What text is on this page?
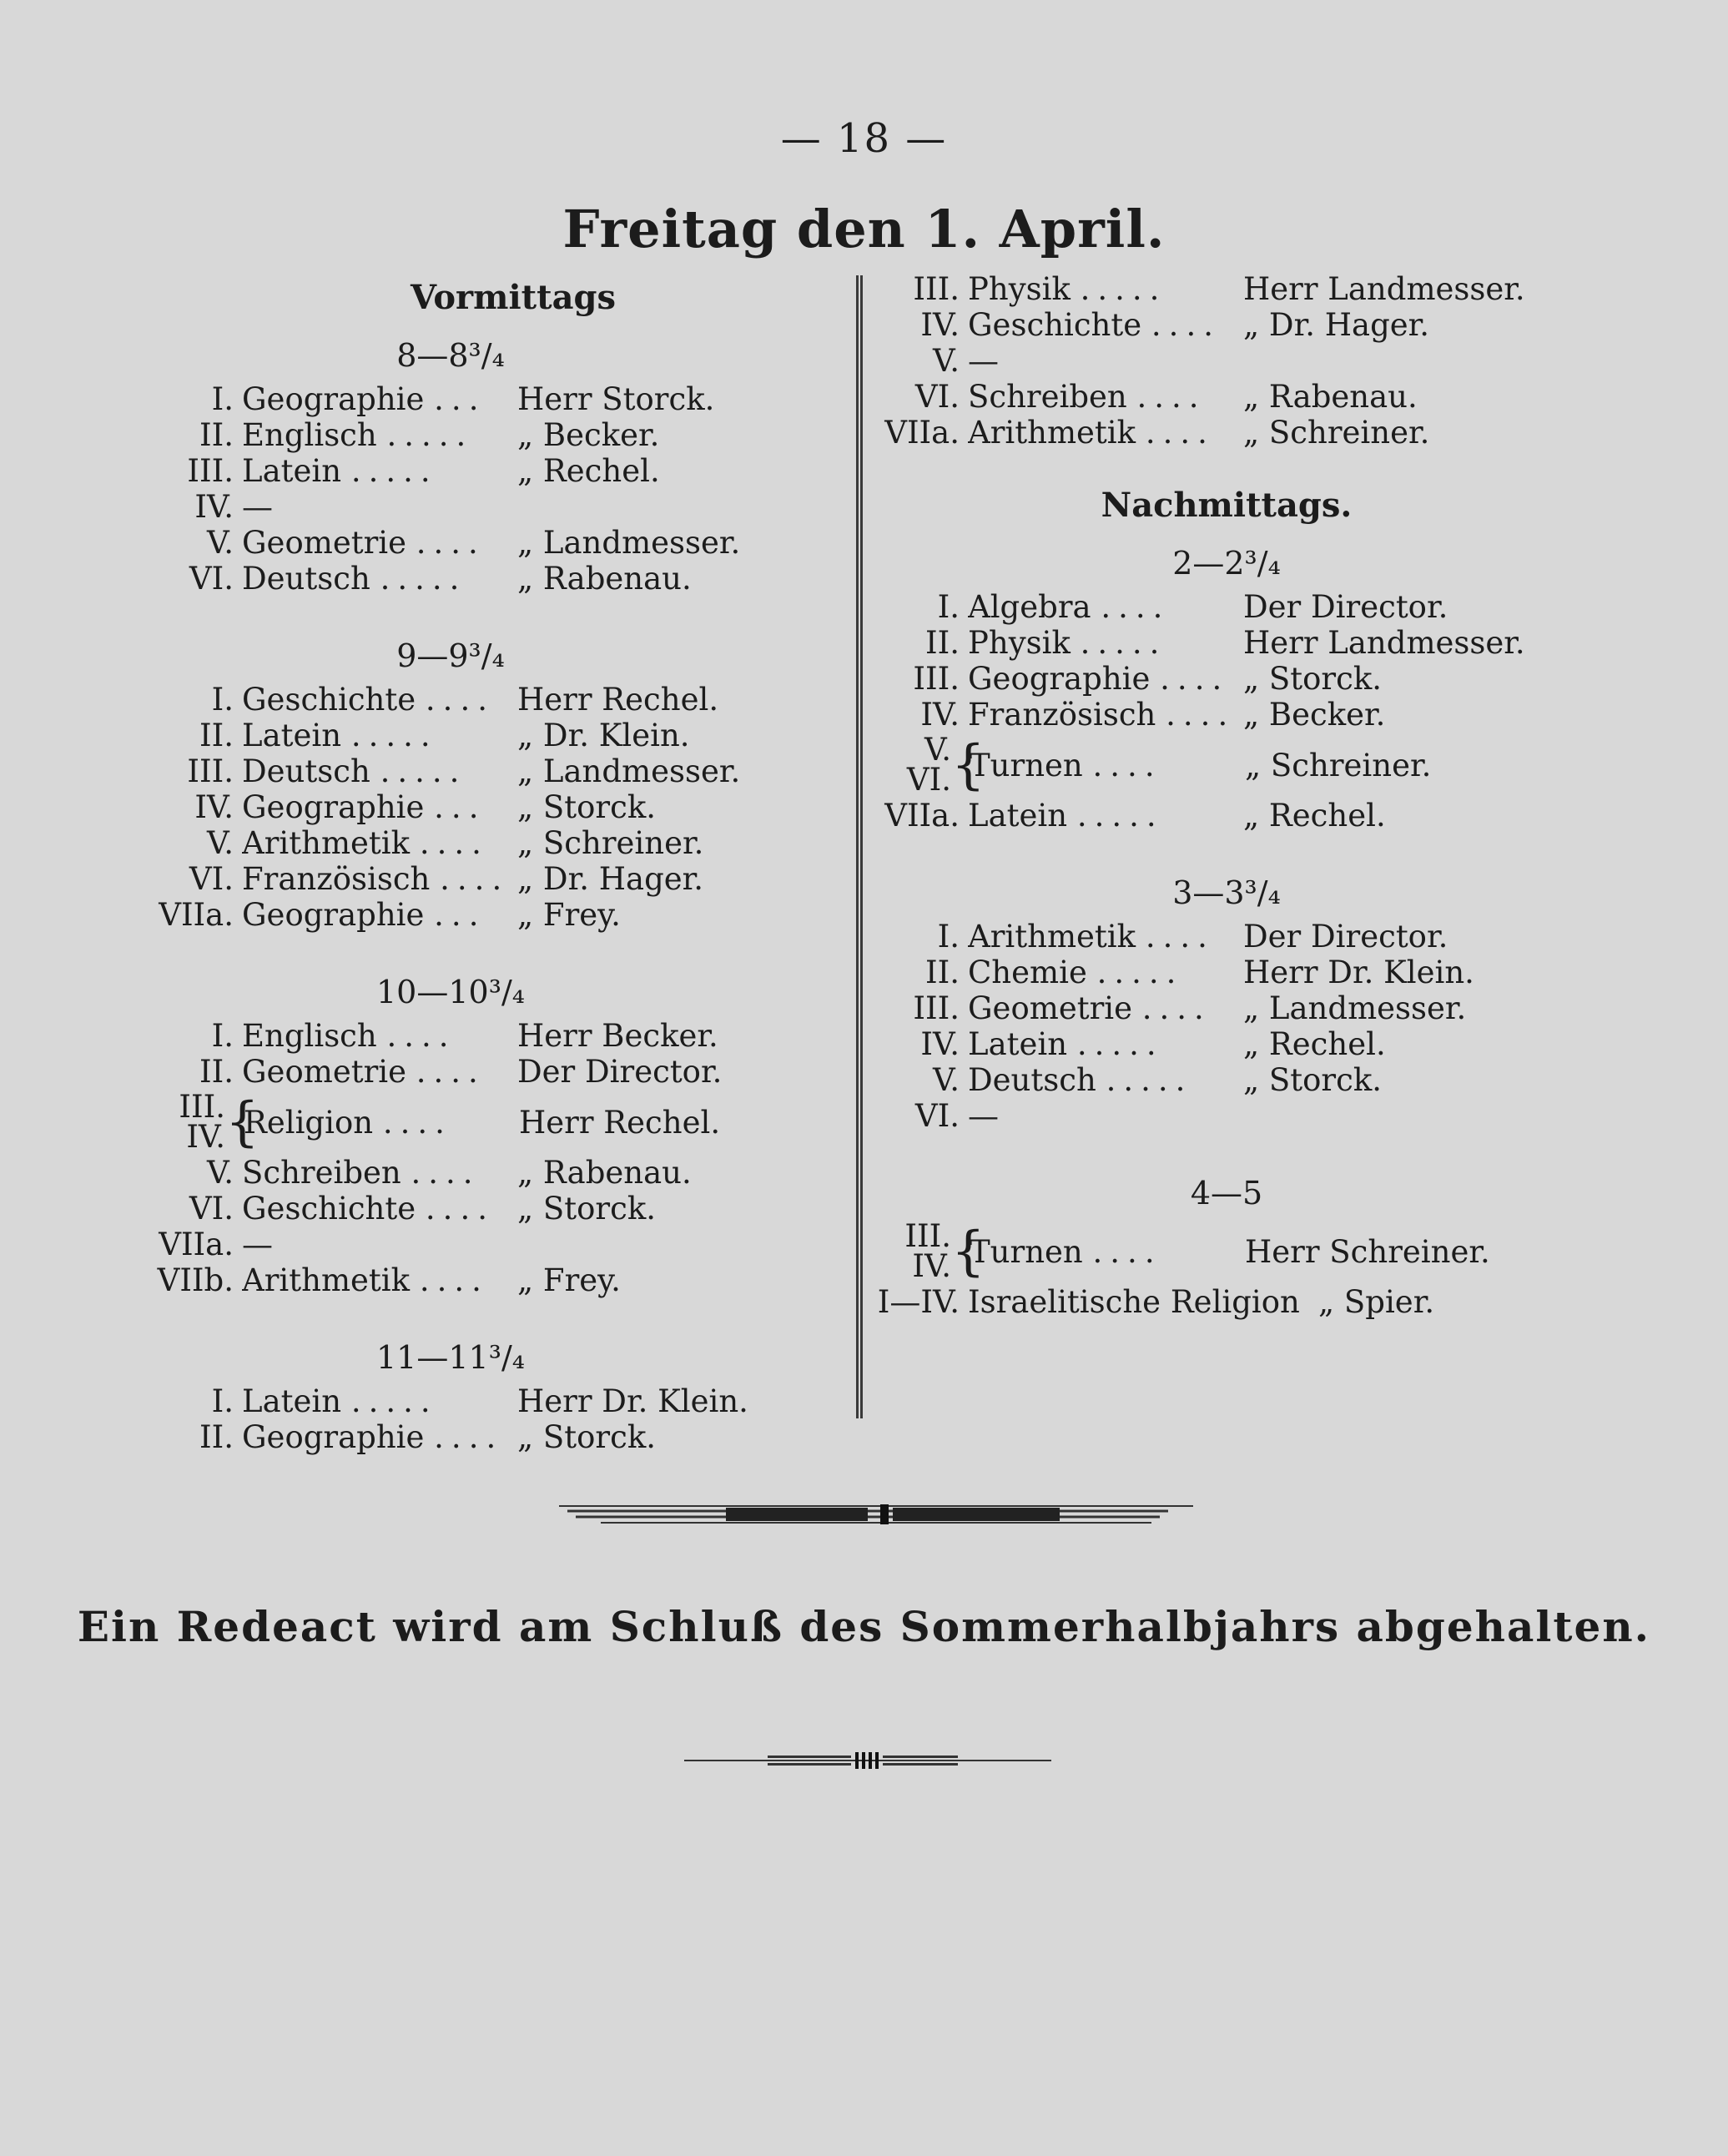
— 18 —
Freitag den 1. April.
Vormittags
8—8³/₄
I. Geographie ...	Herr Storck.
II. Englisch .....	„ Becker.
III. Latein .....	„ Rechel.
IV. —
V. Geometrie ....	„ Landmesser.
VI. Deutsch .....	„ Rabenau.
9—9³/₄
I. Geschichte .... Herr Rechel.
II. Latein .....	„ Dr. Klein.
III. Deutsch .....	„ Landmesser.
IV. Geographie ...	„ Storck.
V. Arithmetik .... „ Schreiner.
VI. Französisch .... „ Dr. Hager.
VIIa. Geographie ...	„ Frey.
10—10³/₄
I. Englisch ....	Herr Becker.
II. Geometrie ....	Der Director.
III.
IV. {
Religion ....	Herr Rechel.
V. Schreiben ....	„ Rabenau.
VI. Geschichte .... „ Storck.
VIIa. —
VIIb. Arithmetik .... „ Frey.
11—11³/₄
I. Latein .....	Herr Dr. Klein.
II. Geographie .... „ Storck.
III. Physik .....	Herr Landmesser.
IV. Geschichte .... „ Dr. Hager.
V. —
VI. Schreiben ....	„ Rabenau.
VIIa. Arithmetik .... „ Schreiner.
Nachmittags.
2—2³/₄
I. Algebra ....	Der Director.
II. Physik .....	Herr Landmesser.
III. Geographie .... „ Storck.
IV. Französisch .... „ Becker.
V.
VI. {
Turnen ....	„ Schreiner.
VIIa. Latein .....	„ Rechel.
3—3³/₄
I. Arithmetik .... Der Director.
II. Chemie .....	Herr Dr. Klein.
III. Geometrie ....	„ Landmesser.
IV. Latein .....	„ Rechel.
V. Deutsch .....	„ Storck.
VI. —
4—5
III.
IV. {
Turnen ....	Herr Schreiner.
I—IV. Israelitische Religion „ Spier.
Ein Redeact wird am Schluß des Sommerhalbjahrs abgehalten.
